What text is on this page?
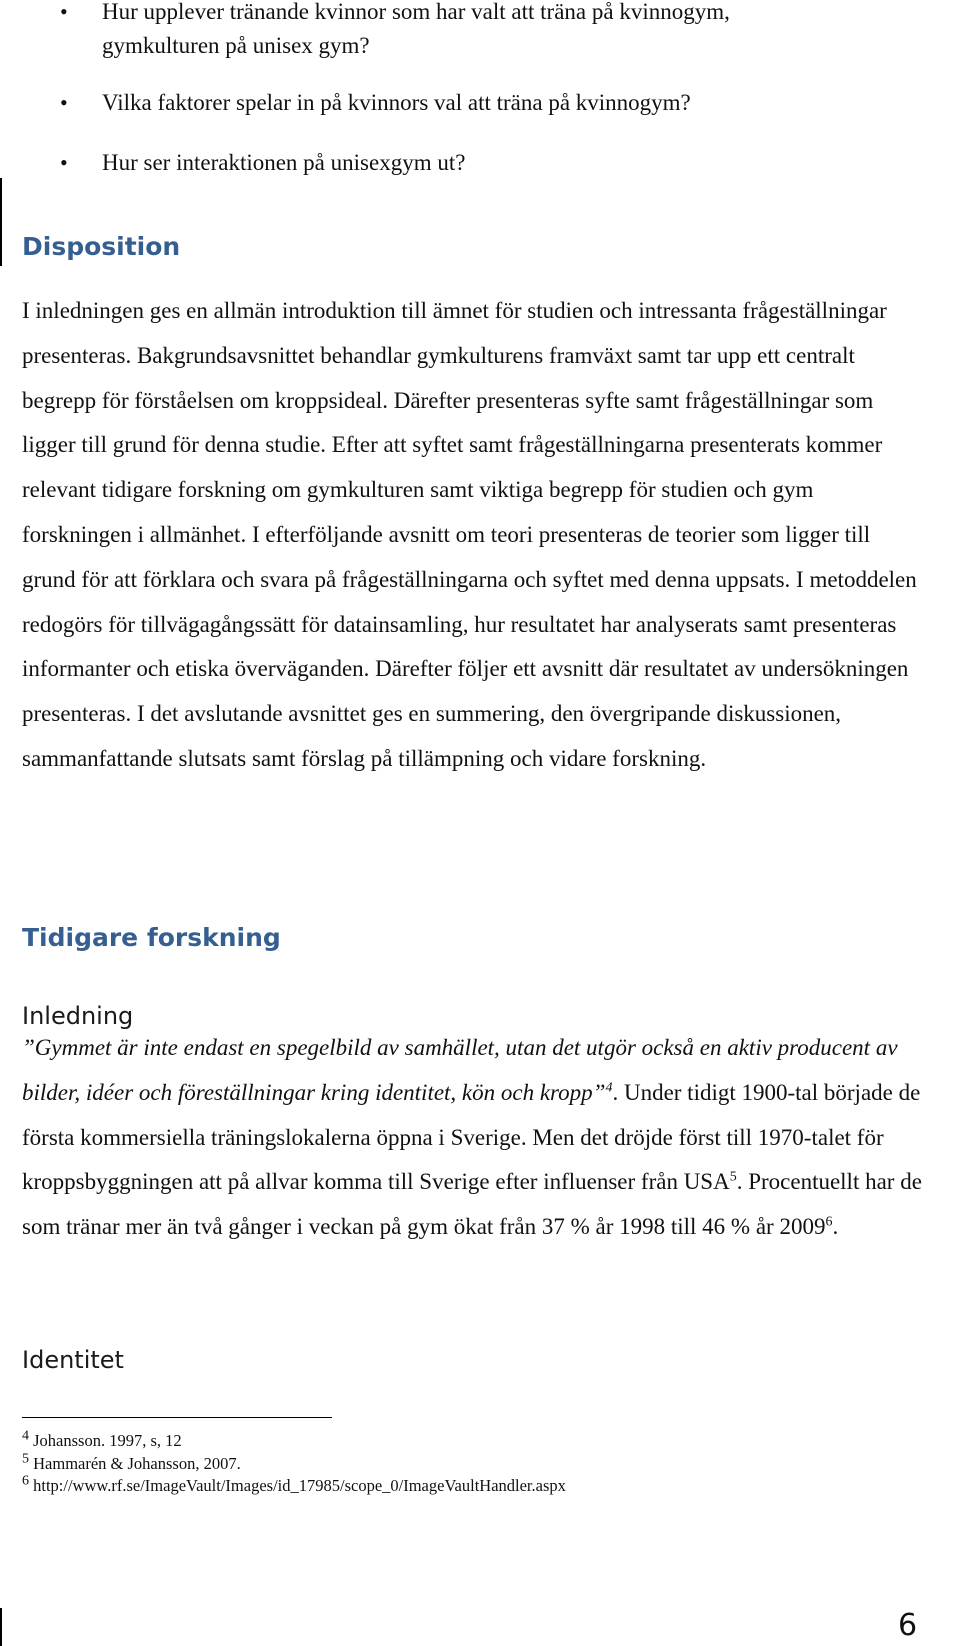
• Hur upplever tränande kvinnor som har valt att träna på kvinnogym,
gymkulturen på unisex gym?
• Vilka faktorer spelar in på kvinnors val att träna på kvinnogym?
• Hur ser interaktionen på unisexgym ut?
Disposition

I inledningen ges en allmän introduktion till ämnet för studien och intressanta frågeställningar presenteras. Bakgrundsavsnittet behandlar gymkulturens framväxt samt tar upp ett centralt begrepp för förståelsen om kroppsideal. Därefter presenteras syfte samt frågeställningar som ligger till grund för denna studie. Efter att syftet samt frågeställningarna presenterats kommer relevant tidigare forskning om gymkulturen samt viktiga begrepp för studien och gym forskningen i allmänhet. I efterföljande avsnitt om teori presenteras de teorier som ligger till grund för att förklara och svara på frågeställningarna och syftet med denna uppsats. I metoddelen redogörs för tillvägagångssätt för datainsamling, hur resultatet har analyserats samt presenteras informanter och etiska överväganden. Därefter följer ett avsnitt där resultatet av undersökningen presenteras. I det avslutande avsnittet ges en summering, den övergripande diskussionen, sammanfattande slutsats samt förslag på tillämpning och vidare forskning.

Tidigare forskning
Inledning

”Gymmet är inte endast en spegelbild av samhället, utan det utgör också en aktiv producent av bilder, idéer och föreställningar kring identitet, kön och kropp”$^4$. Under tidigt 1900-tal började de första kommersiella träningslokalerna öppna i Sverige. Men det dröjde först till 1970-talet för kroppsbyggningen att på allvar komma till Sverige efter influenser från USA$^5$. Procentuellt har de som tränar mer än två gånger i veckan på gym ökat från 37 % år 1998 till 46 % år 2009$^6$.

Identitet
$^4$ Johansson. 1997, s, 12
$^5$ Hammarén & Johansson, 2007.
$^6$ http://www.rf.se/ImageVault/Images/id_17985/scope_0/ImageVaultHandler.aspx
6
